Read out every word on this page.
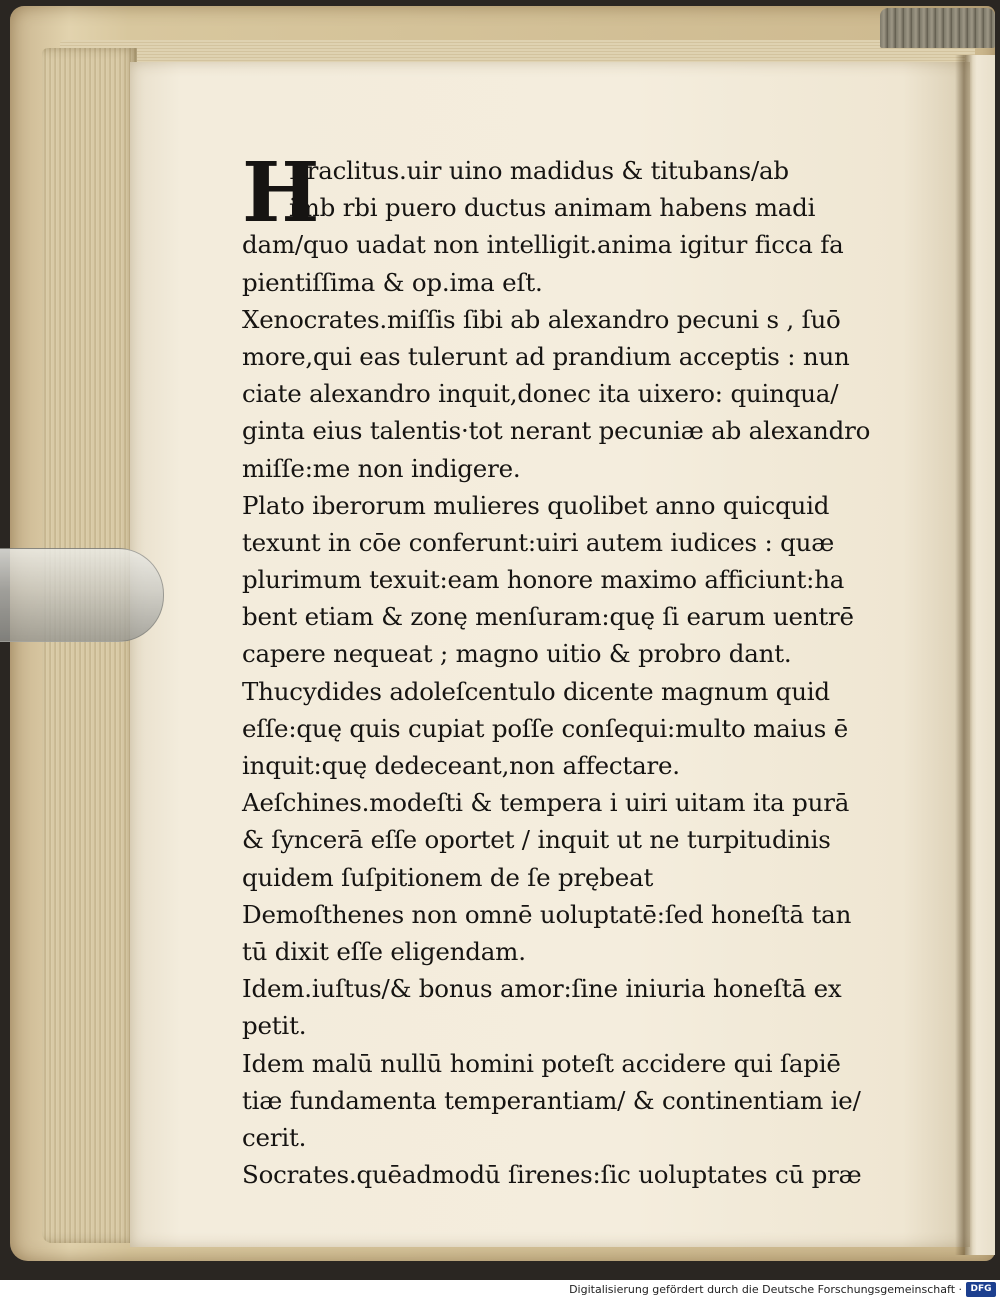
H
Eraclitus.uir uino madidus & titubans/ab
imb rbi puero ductus animam habens madi
dam/quo uadat non intelligit.anima igitur ficca fa
pientiſſima & op.ima eſt.
Xenocrates.miſſis ſibi ab alexandro pecuni s , ſuō
more,qui eas tulerunt ad prandium acceptis : nun
ciate alexandro inquit,donec ita uixero: quinqua/
ginta eius talentis·tot nerant pecuniæ ab alexandro
miſſe:me non indigere.
Plato iberorum mulieres quolibet anno quicquid
texunt in cōe conferunt:uiri autem iudices : quæ
plurimum texuit:eam honore maximo afficiunt:ha
bent etiam & zonę menſuram:quę ſi earum uentrē
capere nequeat ; magno uitio & probro dant.
Thucydides adoleſcentulo dicente magnum quid
eſſe:quę quis cupiat poſſe conſequi:multo maius ē
inquit:quę dedeceant,non affectare.
Aeſchines.modeſti & tempera i uiri uitam ita purā
& ſyncerā eſſe oportet / inquit ut ne turpitudinis
quidem ſuſpitionem de ſe prębeat
Demoſthenes non omnē uoluptatē:ſed honeſtā tan
tū dixit eſſe eligendam.
Idem.iuſtus/& bonus amor:ſine iniuria honeſtā ex
petit.
Idem malū nullū homini poteſt accidere qui ſapiē
tiæ fundamenta temperantiam/ & continentiam ie/
cerit.
Socrates.quēadmodū ſirenes:ſic uoluptates cū præ
Digitalisierung gefördert durch die Deutsche Forschungsgemeinschaft · DFG
